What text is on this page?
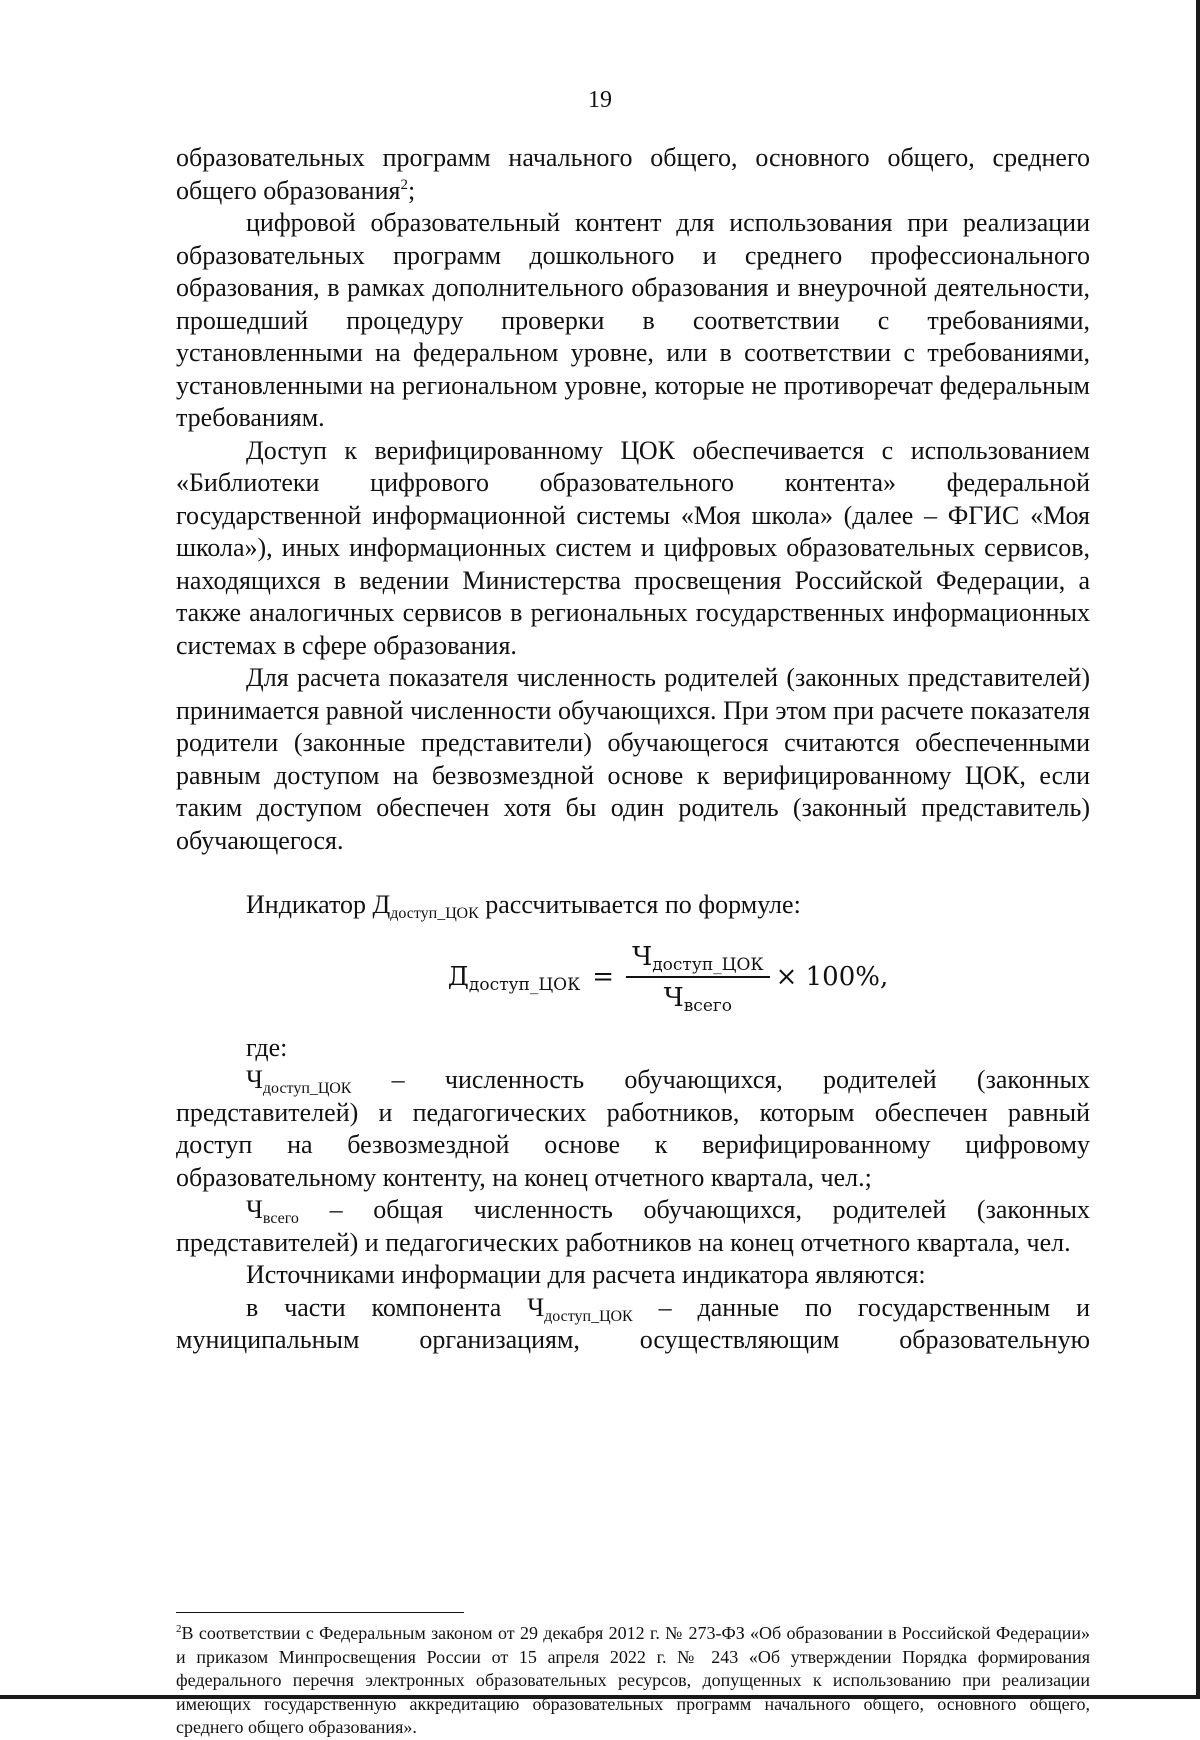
19

образовательных программ начального общего, основного общего, среднего общего образования$^2$;

цифровой образовательный контент для использования при реализации образовательных программ дошкольного и среднего профессионального образования, в рамках дополнительного образования и внеурочной деятельности, прошедший процедуру проверки в соответствии с требованиями, установленными на федеральном уровне, или в соответствии с требованиями, установленными на региональном уровне, которые не противоречат федеральным требованиям.

Доступ к верифицированному ЦОК обеспечивается с использованием «Библиотеки цифрового образовательного контента» федеральной государственной информационной системы «Моя школа» (далее – ФГИС «Моя школа»), иных информационных систем и цифровых образовательных сервисов, находящихся в ведении Министерства просвещения Российской Федерации, а также аналогичных сервисов в региональных государственных информационных системах в сфере образования.

Для расчета показателя численность родителей (законных представителей) принимается равной численности обучающихся. При этом при расчете показателя родители (законные представители) обучающегося считаются обеспеченными равным доступом на безвозмездной основе к верифицированному ЦОК, если таким доступом обеспечен хотя бы один родитель (законный представитель) обучающегося.

Индикатор $Д_{доступ\_ЦОК}$ рассчитывается по формуле:

$Д_{доступ\_ЦОК} = \frac{Ч_{доступ\_ЦОК}}{Ч_{всего}} \times 100\%$,

где:

$Ч_{доступ\_ЦОК}$ – численность обучающихся, родителей (законных представителей) и педагогических работников, которым обеспечен равный доступ на безвозмездной основе к верифицированному цифровому образовательному контенту, на конец отчетного квартала, чел.;

$Ч_{всего}$ – общая численность обучающихся, родителей (законных представителей) и педагогических работников на конец отчетного квартала, чел.

Источниками информации для расчета индикатора являются:

в части компонента $Ч_{доступ\_ЦОК}$ – данные по государственным и муниципальным организациям, осуществляющим образовательную

$^2$В соответствии с Федеральным законом от 29 декабря 2012 г. № 273-ФЗ «Об образовании в Российской Федерации» и приказом Минпросвещения России от 15 апреля 2022 г. № 243 «Об утверждении Порядка формирования федерального перечня электронных образовательных ресурсов, допущенных к использованию при реализации имеющих государственную аккредитацию образовательных программ начального общего, основного общего, среднего общего образования».
